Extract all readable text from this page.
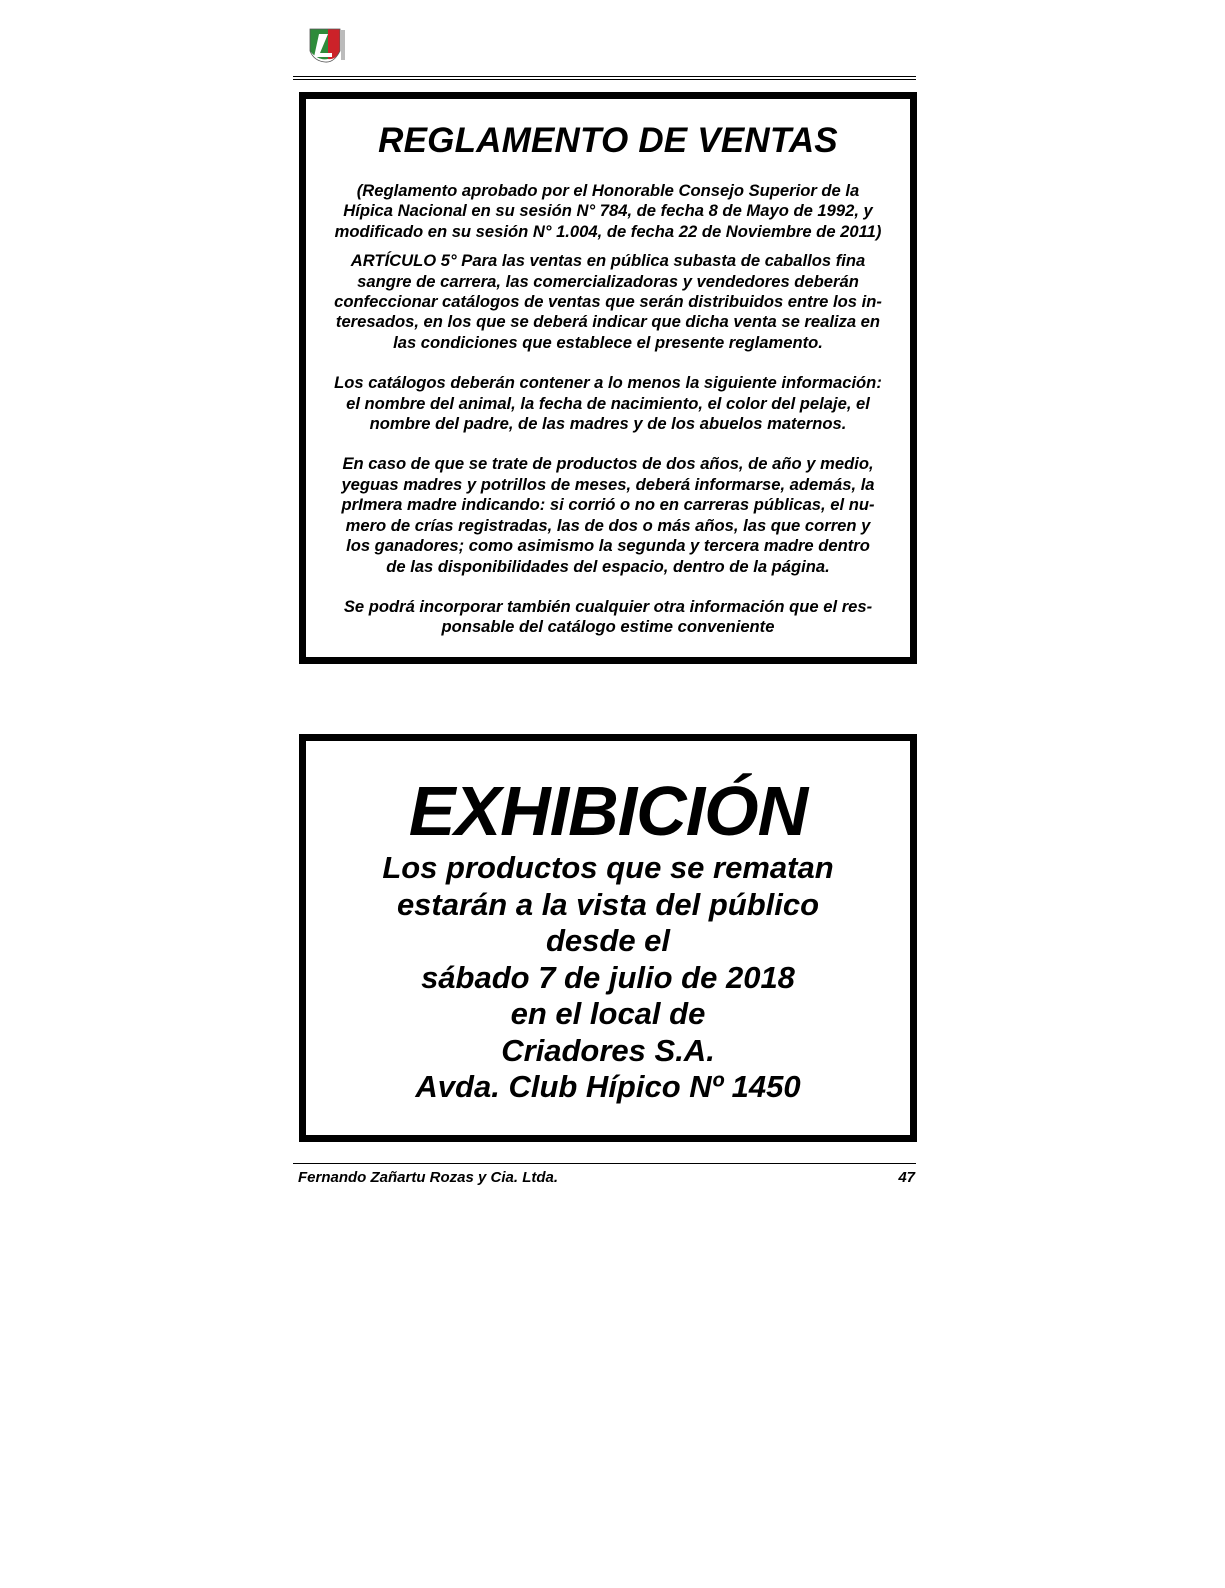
REGLAMENTO DE VENTAS

(Reglamento aprobado por el Honorable Consejo Superior de la
Hípica Nacional en su sesión N° 784, de fecha 8 de Mayo de 1992, y
modificado en su sesión N° 1.004, de fecha 22 de Noviembre de 2011)

ARTÍCULO 5° Para las ventas en pública subasta de caballos fina
sangre de carrera, las comercializadoras y vendedores deberán
confeccionar catálogos de ventas que serán distribuidos entre los in-
teresados, en los que se deberá indicar que dicha venta se realiza en
las condiciones que establece el presente reglamento.

Los catálogos deberán contener a lo menos la siguiente información:
el nombre del animal, la fecha de nacimiento, el color del pelaje, el
nombre del padre, de las madres y de los abuelos maternos.

En caso de que se trate de productos de dos años, de año y medio,
yeguas madres y potrillos de meses, deberá informarse, además, la
prImera madre indicando: si corrió o no en carreras públicas, el nu-
mero de crías registradas, las de dos o más años, las que corren y
los ganadores; como asimismo la segunda y tercera madre dentro
de las disponibilidades del espacio, dentro de la página.

Se podrá incorporar también cualquier otra información que el res-
ponsable del catálogo estime conveniente

EXHIBICIÓN
Los productos que se rematan
estarán a la vista del público
desde el
sábado 7 de julio de 2018
en el local de
Criadores S.A.
Avda. Club Hípico Nº 1450
Fernando Zañartu Rozas y Cia. Ltda.	47
